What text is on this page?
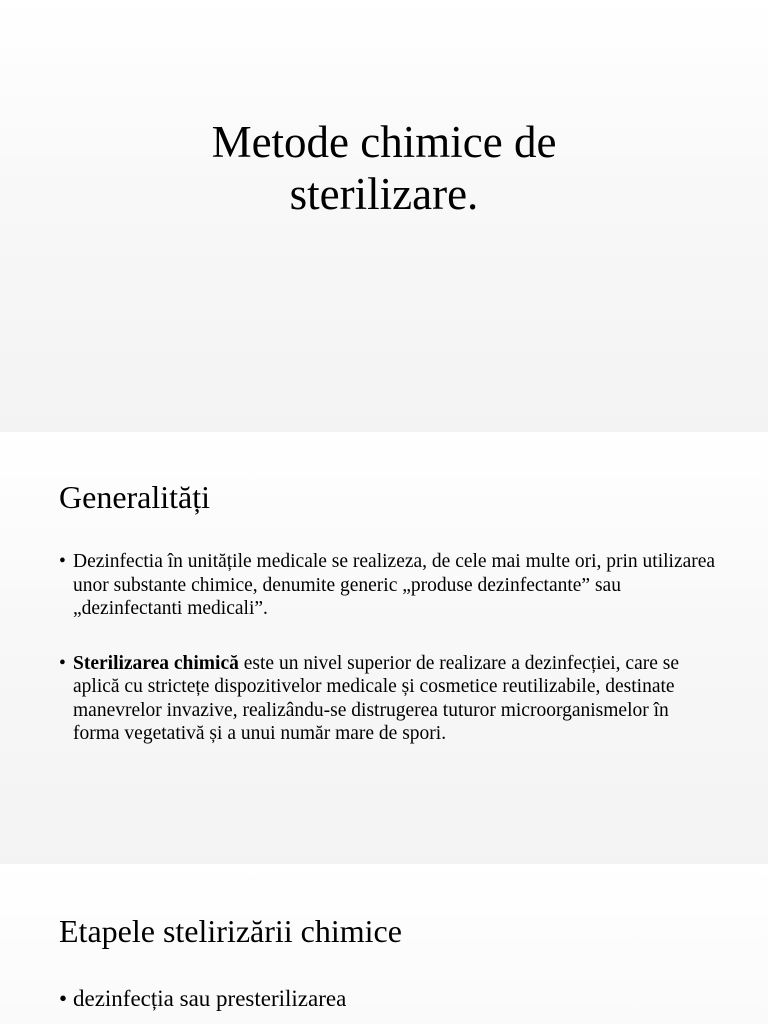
Metode chimice de
sterilizare.
Generalități
• Dezinfectia în unitățile medicale se realizeza, de cele mai multe ori, prin utilizarea unor substante chimice, denumite generic „produse dezinfectante” sau „dezinfectanti medicali”.
• Sterilizarea chimică este un nivel superior de realizare a dezinfecției, care se aplică cu strictețe dispozitivelor medicale și cosmetice reutilizabile, destinate manevrelor invazive, realizându-se distrugerea tuturor microorganismelor în forma vegetativă și a unui număr mare de spori.
Etapele stelirizării chimice
• dezinfecția sau presterilizarea
